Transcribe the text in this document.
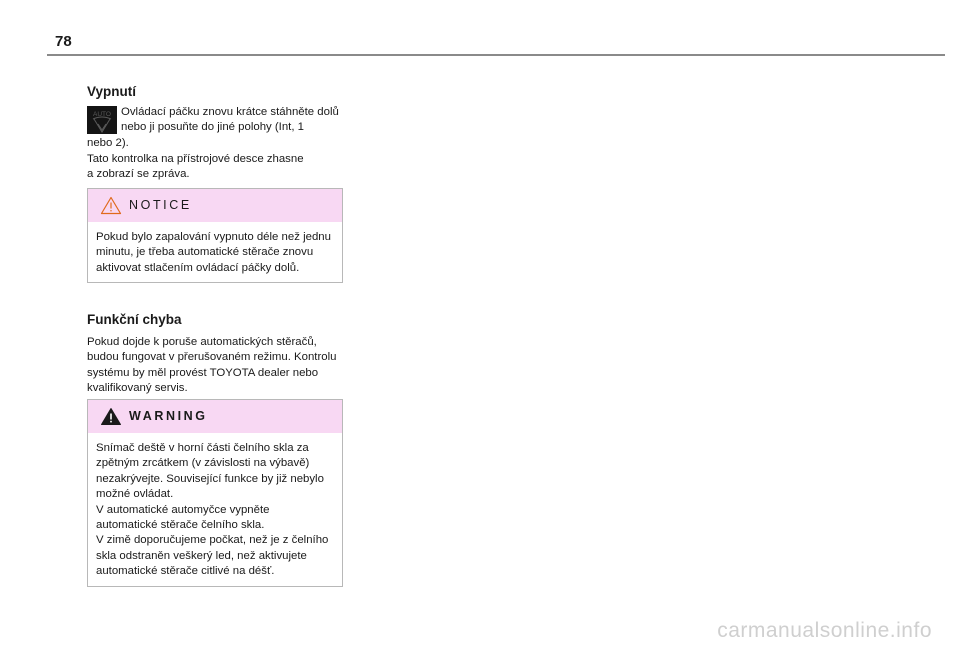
78
Vypnutí
AUTO Ovládací páčku znovu krátce stáhněte dolů nebo ji posuňte do jiné polohy (Int, 1

nebo 2).

Tato kontrolka na přístrojové desce zhasne

a zobrazí se zpráva.

NOTICE
Pokud bylo zapalování vypnuto déle než jednu minutu, je třeba automatické stěrače znovu aktivovat stlačením ovládací páčky dolů.
Funkční chyba

Pokud dojde k poruše automatických stěračů, budou fungovat v přerušovaném režimu. Kontrolu systému by měl provést TOYOTA dealer nebo kvalifikovaný servis.

WARNING
Snímač deště v horní části čelního skla za zpětným zrcátkem (v závislosti na výbavě) nezakrývejte. Související funkce by již nebylo možné ovládat.
V automatické automyčce vypněte automatické stěrače čelního skla.
V zimě doporučujeme počkat, než je z čelního skla odstraněn veškerý led, než aktivujete automatické stěrače citlivé na déšť.
carmanualsonline.info
